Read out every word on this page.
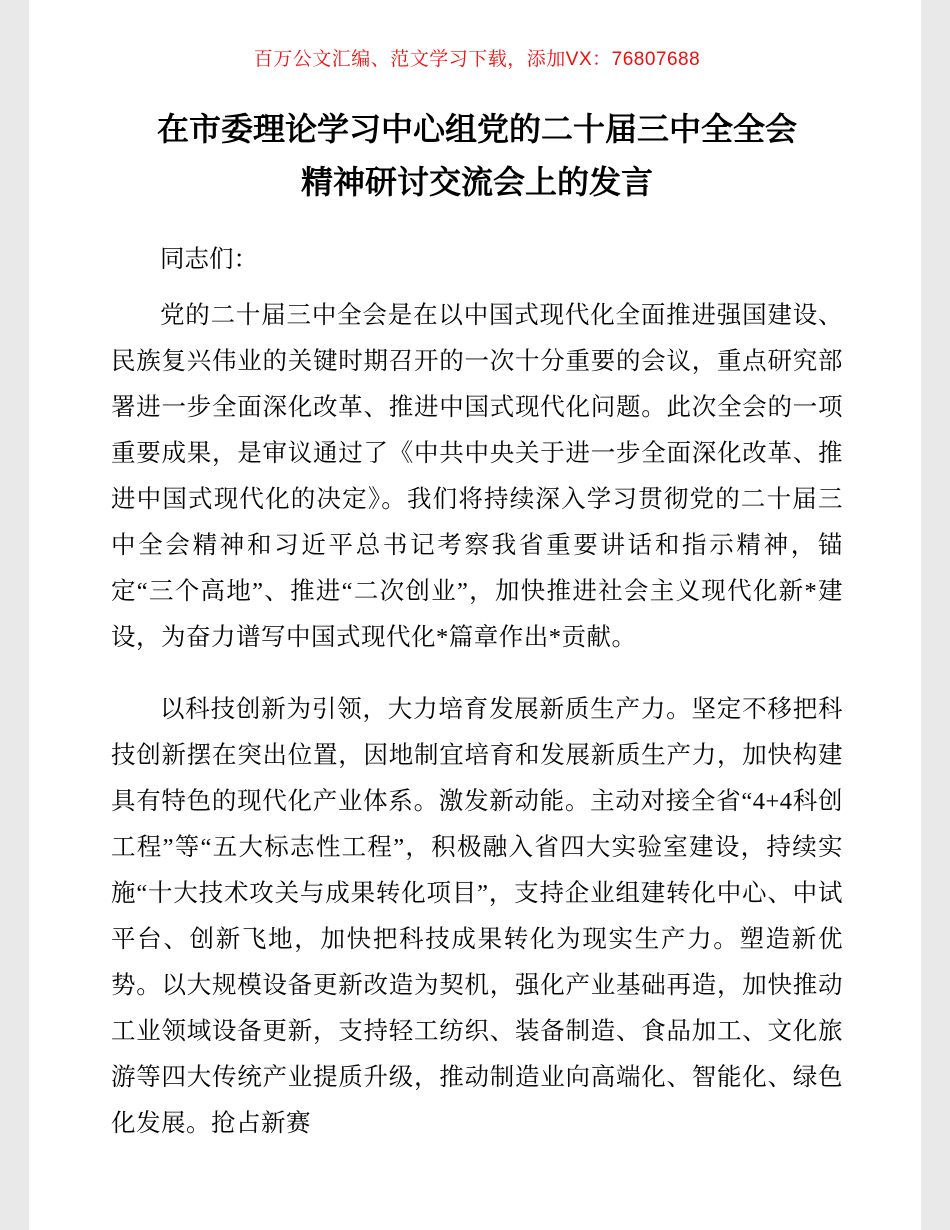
百万公文汇编、范文学习下载，添加VX：76807688
在市委理论学习中心组党的二十届三中全全会
精神研讨交流会上的发言
同志们：

党的二十届三中全会是在以中国式现代化全面推进强国建设、民族复兴伟业的关键时期召开的一次十分重要的会议，重点研究部署进一步全面深化改革、推进中国式现代化问题。此次全会的一项重要成果，是审议通过了《中共中央关于进一步全面深化改革、推进中国式现代化的决定》。我们将持续深入学习贯彻党的二十届三中全会精神和习近平总书记考察我省重要讲话和指示精神，锚定“三个高地”、推进“二次创业”，加快推进社会主义现代化新*建设，为奋力谱写中国式现代化*篇章作出*贡献。

以科技创新为引领，大力培育发展新质生产力。坚定不移把科技创新摆在突出位置，因地制宜培育和发展新质生产力，加快构建具有特色的现代化产业体系。激发新动能。主动对接全省“4+4科创工程”等“五大标志性工程”，积极融入省四大实验室建设，持续实施“十大技术攻关与成果转化项目”，支持企业组建转化中心、中试平台、创新飞地，加快把科技成果转化为现实生产力。塑造新优势。以大规模设备更新改造为契机，强化产业基础再造，加快推动工业领域设备更新，支持轻工纺织、装备制造、食品加工、文化旅游等四大传统产业提质升级，推动制造业向高端化、智能化、绿色化发展。抢占新赛
